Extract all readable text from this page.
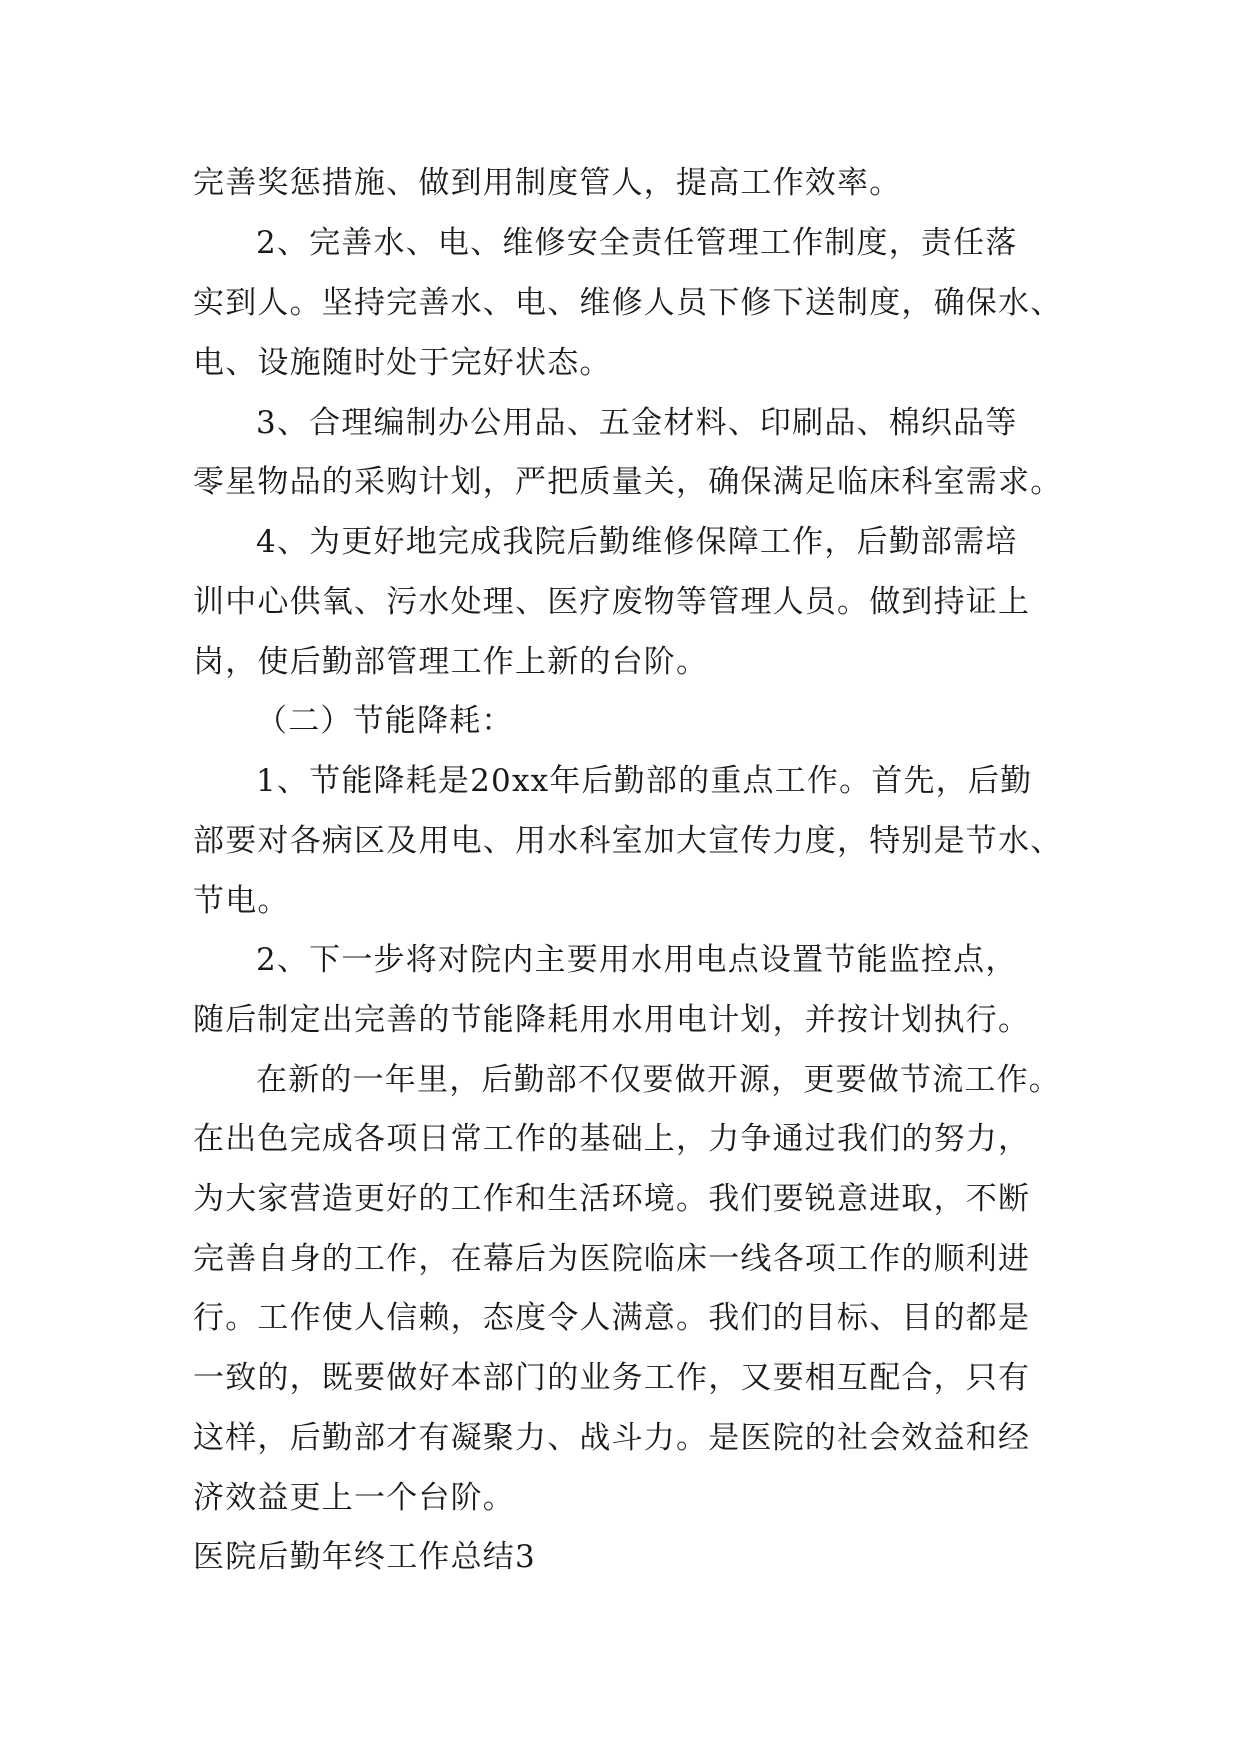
完善奖惩措施、做到用制度管人，提高工作效率。

2、完善水、电、维修安全责任管理工作制度，责任落

实到人。坚持完善水、电、维修人员下修下送制度，确保水、

电、设施随时处于完好状态。

3、合理编制办公用品、五金材料、印刷品、棉织品等

零星物品的采购计划，严把质量关，确保满足临床科室需求。

4、为更好地完成我院后勤维修保障工作，后勤部需培

训中心供氧、污水处理、医疗废物等管理人员。做到持证上

岗，使后勤部管理工作上新的台阶。

（二）节能降耗：

1、节能降耗是20xx年后勤部的重点工作。首先，后勤

部要对各病区及用电、用水科室加大宣传力度，特别是节水、

节电。

2、下一步将对院内主要用水用电点设置节能监控点，

随后制定出完善的节能降耗用水用电计划，并按计划执行。

在新的一年里，后勤部不仅要做开源，更要做节流工作。

在出色完成各项日常工作的基础上，力争通过我们的努力，

为大家营造更好的工作和生活环境。我们要锐意进取，不断

完善自身的工作，在幕后为医院临床一线各项工作的顺利进

行。工作使人信赖，态度令人满意。我们的目标、目的都是

一致的，既要做好本部门的业务工作，又要相互配合，只有

这样，后勤部才有凝聚力、战斗力。是医院的社会效益和经

济效益更上一个台阶。

医院后勤年终工作总结3
